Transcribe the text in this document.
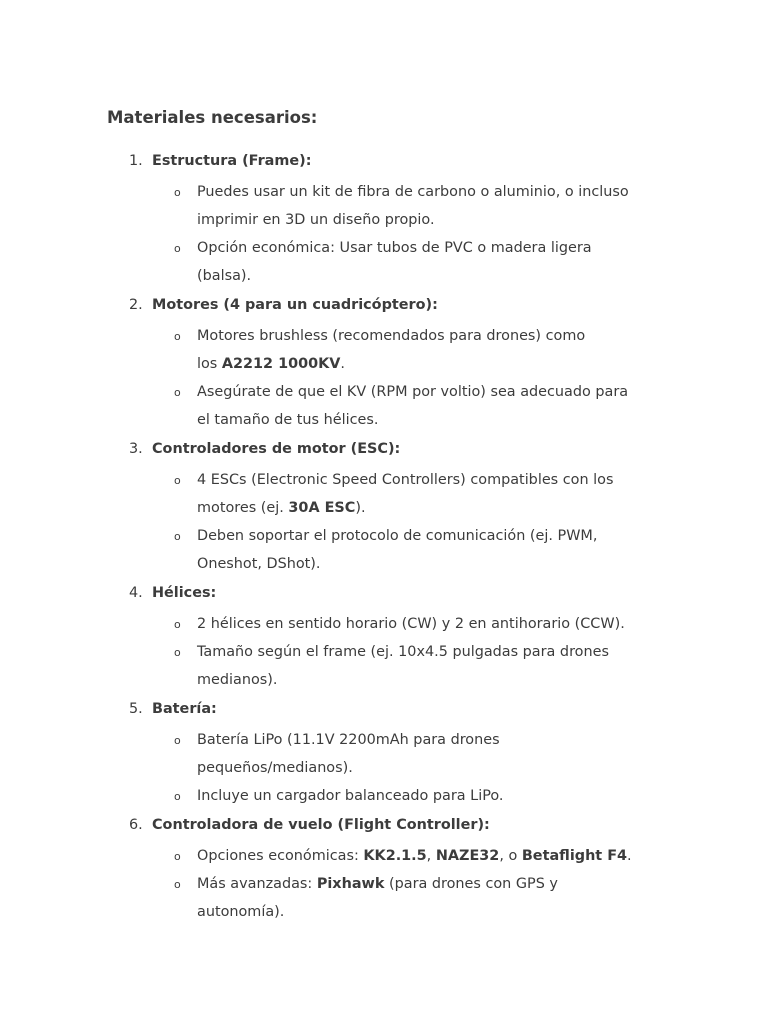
Materiales necesarios:
1. Estructura (Frame):
o Puedes usar un kit de fibra de carbono o aluminio, o incluso
imprimir en 3D un diseño propio.
o Opción económica: Usar tubos de PVC o madera ligera
(balsa).
2. Motores (4 para un cuadricóptero):
o Motores brushless (recomendados para drones) como
los A2212 1000KV.
o Asegúrate de que el KV (RPM por voltio) sea adecuado para
el tamaño de tus hélices.
3. Controladores de motor (ESC):
o 4 ESCs (Electronic Speed Controllers) compatibles con los
motores (ej. 30A ESC).
o Deben soportar el protocolo de comunicación (ej. PWM,
Oneshot, DShot).
4. Hélices:
o 2 hélices en sentido horario (CW) y 2 en antihorario (CCW).
o Tamaño según el frame (ej. 10x4.5 pulgadas para drones
medianos).
5. Batería:
o Batería LiPo (11.1V 2200mAh para drones
pequeños/medianos).
o Incluye un cargador balanceado para LiPo.
6. Controladora de vuelo (Flight Controller):
o Opciones económicas: KK2.1.5, NAZE32, o Betaflight F4.
o Más avanzadas: Pixhawk (para drones con GPS y
autonomía).
